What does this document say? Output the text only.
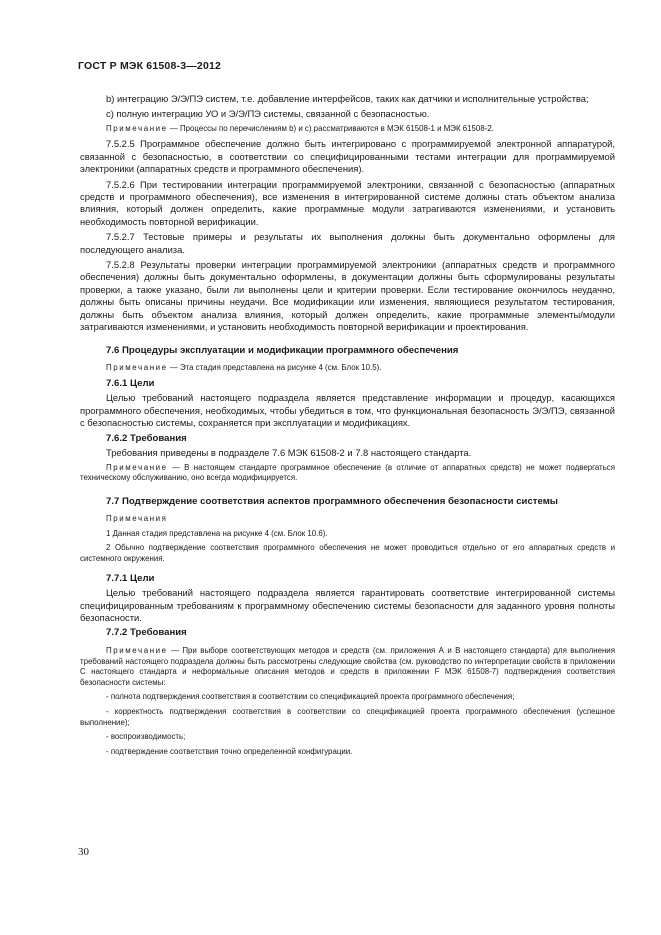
ГОСТ Р МЭК 61508-3—2012

b) интеграцию Э/Э/ПЭ систем, т.е. добавление интерфейсов, таких как датчики и исполнительные устройства;

c) полную интеграцию УО и Э/Э/ПЭ системы, связанной с безопасностью.

Примечание — Процессы по перечислениям b) и c) рассматриваются в МЭК 61508-1 и МЭК 61508-2.

7.5.2.5 Программное обеспечение должно быть интегрировано с программируемой электронной аппаратурой, связанной с безопасностью, в соответствии со специфицированными тестами интеграции для программируемой электроники (аппаратных средств и программного обеспечения).

7.5.2.6 При тестировании интеграции программируемой электроники, связанной с безопасностью (аппаратных средств и программного обеспечения), все изменения в интегрированной системе должны стать объектом анализа влияния, который должен определить, какие программные модули затрагиваются изменениями, и установить необходимость повторной верификации.

7.5.2.7 Тестовые примеры и результаты их выполнения должны быть документально оформлены для последующего анализа.

7.5.2.8 Результаты проверки интеграции программируемой электроники (аппаратных средств и программного обеспечения) должны быть документально оформлены, в документации должны быть сформулированы результаты проверки, а также указано, были ли выполнены цели и критерии проверки. Если тестирование окончилось неудачно, должны быть описаны причины неудачи. Все модификации или изменения, являющиеся результатом тестирования, должны быть объектом анализа влияния, который должен определить, какие программные элементы/модули затрагиваются изменениями, и установить необходимость повторной верификации и проектирования.

7.6 Процедуры эксплуатации и модификации программного обеспечения

Примечание — Эта стадия представлена на рисунке 4 (см. Блок 10.5).

7.6.1 Цели

Целью требований настоящего подраздела является представление информации и процедур, касающихся программного обеспечения, необходимых, чтобы убедиться в том, что функциональная безопасность Э/Э/ПЭ, связанной с безопасностью системы, сохраняется при эксплуатации и модификациях.

7.6.2 Требования

Требования приведены в подразделе 7.6 МЭК 61508-2 и 7.8 настоящего стандарта.

Примечание — В настоящем стандарте программное обеспечение (в отличие от аппаратных средств) не может подвергаться техническому обслуживанию, оно всегда модифицируется.

7.7 Подтверждение соответствия аспектов программного обеспечения безопасности системы

Примечания

1 Данная стадия представлена на рисунке 4 (см. Блок 10.6).

2 Обычно подтверждение соответствия программного обеспечения не может проводиться отдельно от его аппаратных средств и системного окружения.

7.7.1 Цели

Целью требований настоящего подраздела является гарантировать соответствие интегрированной системы специфицированным требованиям к программному обеспечению системы безопасности для заданного уровня полноты безопасности.

7.7.2 Требования

Примечание — При выборе соответствующих методов и средств (см. приложения А и В настоящего стандарта) для выполнения требований настоящего подраздела должны быть рассмотрены следующие свойства (см. руководство по интерпретации свойств в приложении С настоящего стандарта и неформальные описания методов и средств в приложении F МЭК 61508-7) подтверждения соответствия безопасности системы:

- полнота подтверждения соответствия в соответствии со спецификацией проекта программного обеспечения;

- корректность подтверждения соответствия в соответствии со спецификацией проекта программного обеспечения (успешное выполнение);

- воспроизводимость;

- подтверждение соответствия точно определенной конфигурации.

30
